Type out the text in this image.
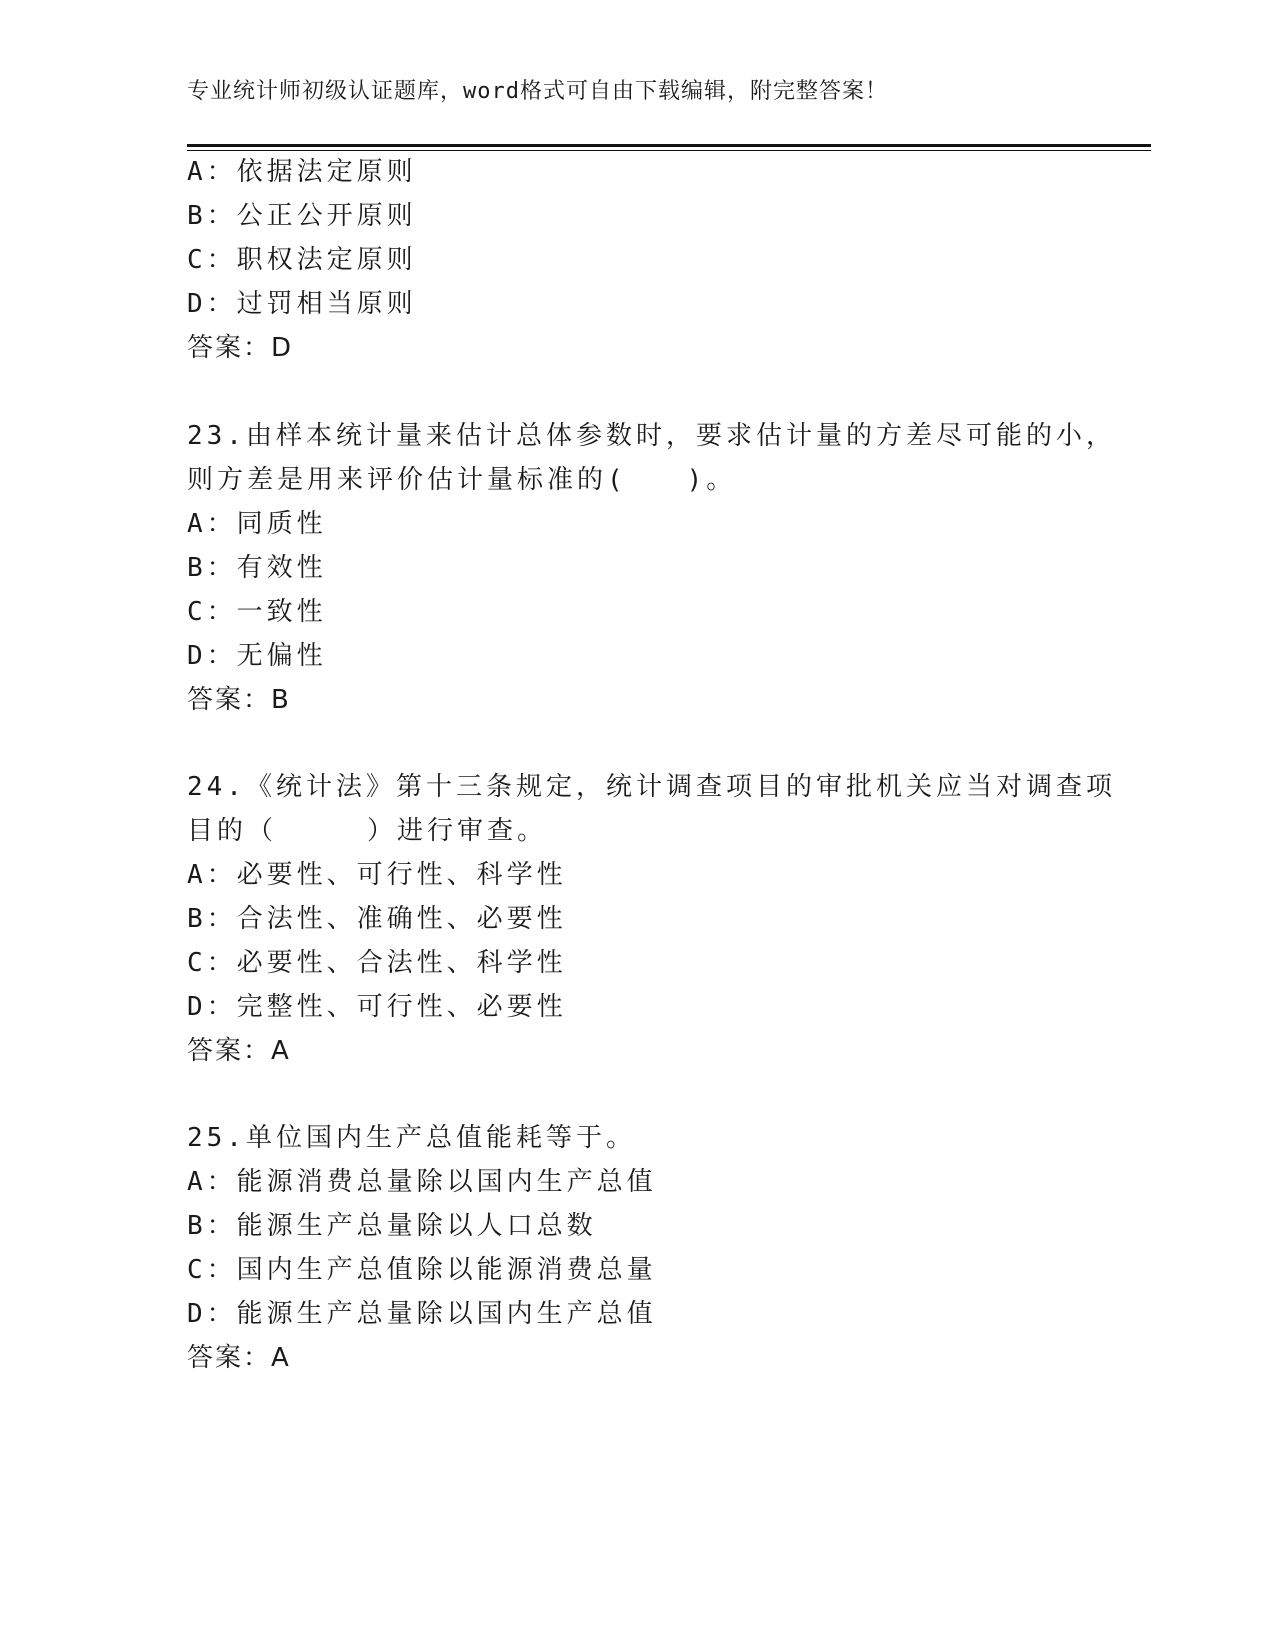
专业统计师初级认证题库，word格式可自由下载编辑，附完整答案！
A：依据法定原则
B：公正公开原则
C：职权法定原则
D：过罚相当原则
答案：D
23.由样本统计量来估计总体参数时，要求估计量的方差尽可能的小，
则方差是用来评价估计量标准的(　　)。
A：同质性
B：有效性
C：一致性
D：无偏性
答案：B
24.《统计法》第十三条规定，统计调查项目的审批机关应当对调查项
目的（　　　）进行审查。
A：必要性、可行性、科学性
B：合法性、准确性、必要性
C：必要性、合法性、科学性
D：完整性、可行性、必要性
答案：A
25.单位国内生产总值能耗等于。
A：能源消费总量除以国内生产总值
B：能源生产总量除以人口总数
C：国内生产总值除以能源消费总量
D：能源生产总量除以国内生产总值
答案：A
